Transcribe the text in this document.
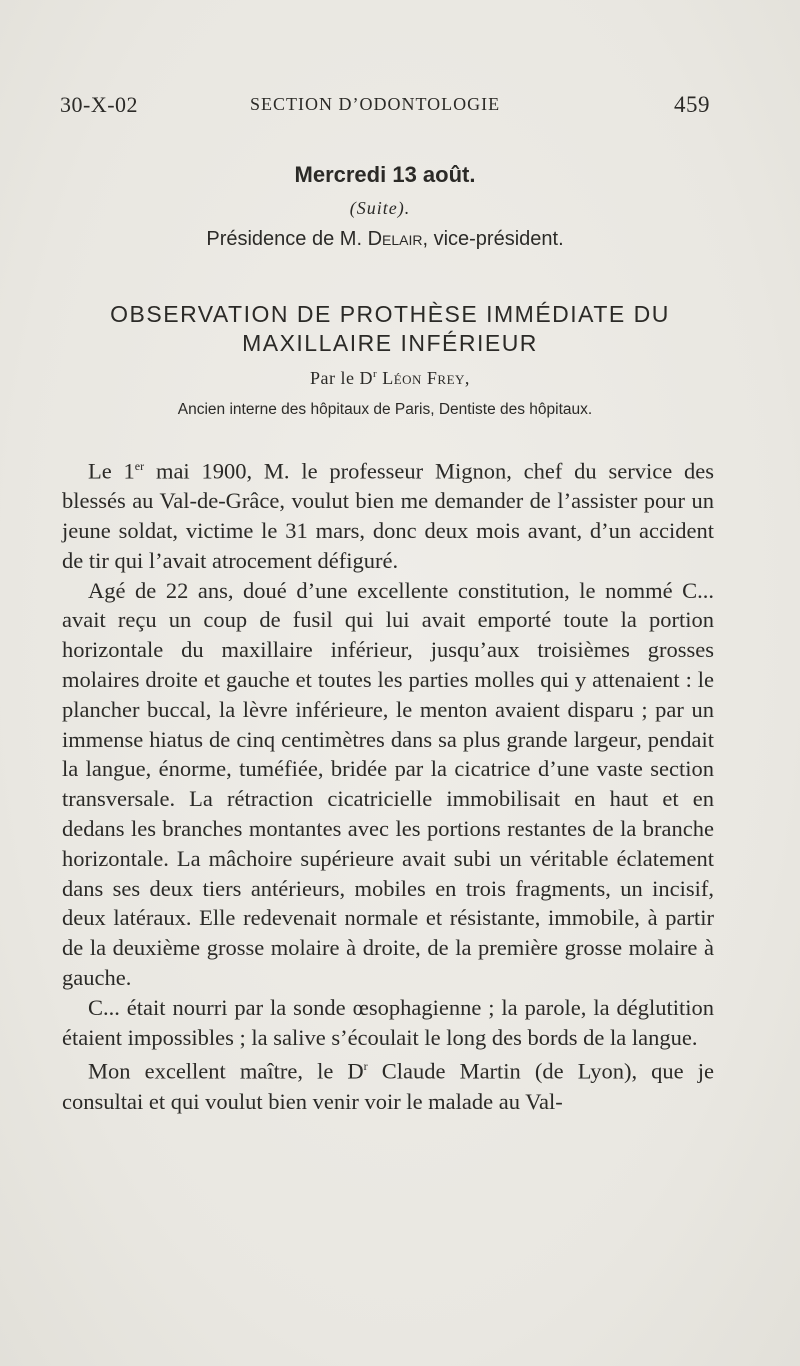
30-X-02	SECTION D’ODONTOLOGIE	459
Mercredi 13 août.
(Suite).
Présidence de M. Delair, vice-président.
OBSERVATION DE PROTHÈSE IMMÉDIATE DU
MAXILLAIRE INFÉRIEUR
Par le $D^r$ Léon Frey,
Ancien interne des hôpitaux de Paris, Dentiste des hôpitaux.

Le 1er mai 1900, M. le professeur Mignon, chef du service des blessés au Val-de-Grâce, voulut bien me demander de l’assister pour un jeune soldat, victime le 31 mars, donc deux mois avant, d’un accident de tir qui l’avait atrocement défiguré.

Agé de 22 ans, doué d’une excellente constitution, le nommé C... avait reçu un coup de fusil qui lui avait emporté toute la portion horizontale du maxillaire inférieur, jusqu’aux troisièmes grosses molaires droite et gauche et toutes les parties molles qui y attenaient : le plancher buccal, la lèvre inférieure, le menton avaient disparu ; par un immense hiatus de cinq centimètres dans sa plus grande largeur, pendait la langue, énorme, tuméfiée, bridée par la cicatrice d’une vaste section transversale. La rétraction cicatricielle immobilisait en haut et en dedans les branches montantes avec les portions restantes de la branche horizontale. La mâchoire supérieure avait subi un véritable éclatement dans ses deux tiers antérieurs, mobiles en trois fragments, un incisif, deux latéraux. Elle redevenait normale et résistante, immobile, à partir de la deuxième grosse molaire à droite, de la première grosse molaire à gauche.

C... était nourri par la sonde œsophagienne ; la parole, la déglutition étaient impossibles ; la salive s’écoulait le long des bords de la langue.

Mon excellent maître, le $D^r$ Claude Martin (de Lyon), que je consultai et qui voulut bien venir voir le malade au Val-
